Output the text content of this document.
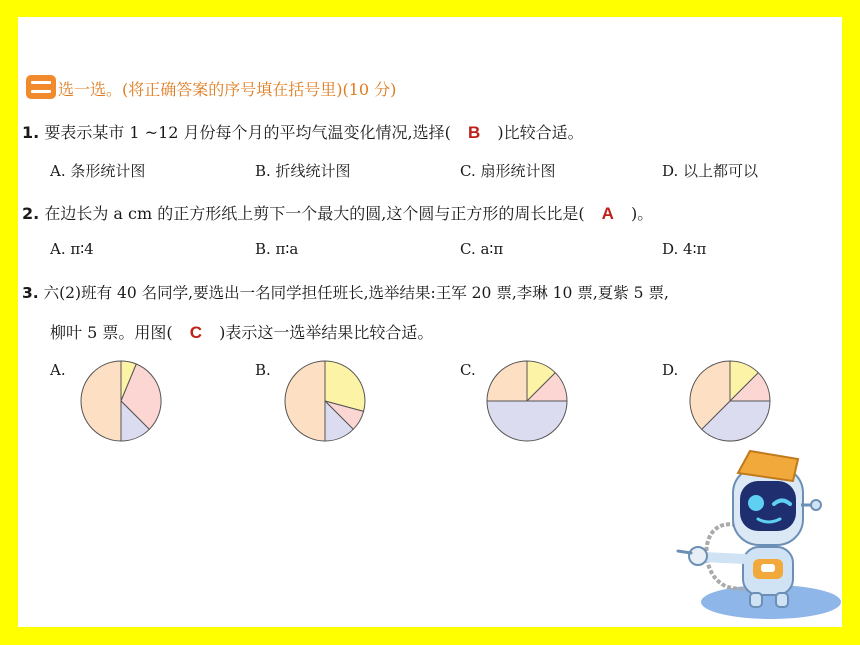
选一选。(将正确答案的序号填在括号里)(10 分)
1. 要表示某市 1 ~12 月份每个月的平均气温变化情况,选择( B )比较合适。
A. 条形统计图	B. 折线统计图	C. 扇形统计图	D. 以上都可以
2. 在边长为 a cm 的正方形纸上剪下一个最大的圆,这个圆与正方形的周长比是( A )。
A. π∶4	B. π∶a	C. a∶π	D. 4∶π
3. 六(2)班有 40 名同学,要选出一名同学担任班长,选举结果:王军 20 票,李琳 10 票,夏紫 5 票,
柳叶 5 票。用图( C )表示这一选举结果比较合适。
A.	B.	C.	D.
